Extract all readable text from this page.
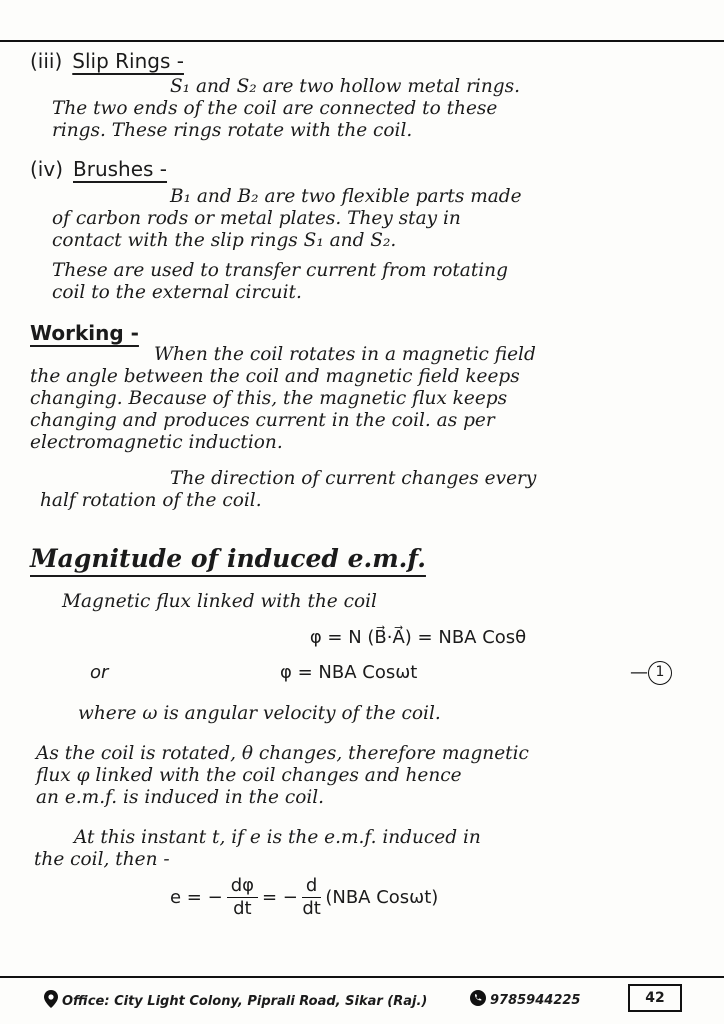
(iii) Slip Rings -

S₁ and S₂ are two hollow metal rings.

The two ends of the coil are connected to these

rings. These rings rotate with the coil.

(iv) Brushes -

B₁ and B₂ are two flexible parts made

of carbon rods or metal plates. They stay in

contact with the slip rings S₁ and S₂.

These are used to transfer current from rotating

coil to the external circuit.

Working -

When the coil rotates in a magnetic field

the angle between the coil and magnetic field keeps

changing. Because of this, the magnetic flux keeps

changing and produces current in the coil. as per

electromagnetic induction.

The direction of current changes every

half rotation of the coil.

Magnitude of induced e.m.f.

Magnetic flux linked with the coil

φ = N (B⃗·A⃗) = NBA Cosθ

or	φ = NBA Cosωt	— 1

where ω is angular velocity of the coil.

As the coil is rotated, θ changes, therefore magnetic

flux φ linked with the coil changes and hence

an e.m.f. is induced in the coil.

At this instant t, if e is the e.m.f. induced in

the coil, then -

e = − $\frac{d\varphi}{dt}$ = − $\frac{d}{dt} (NBA$ Cosωt)
Office: City Light Colony, Piprali Road, Sikar (Raj.)	9785944225	42
